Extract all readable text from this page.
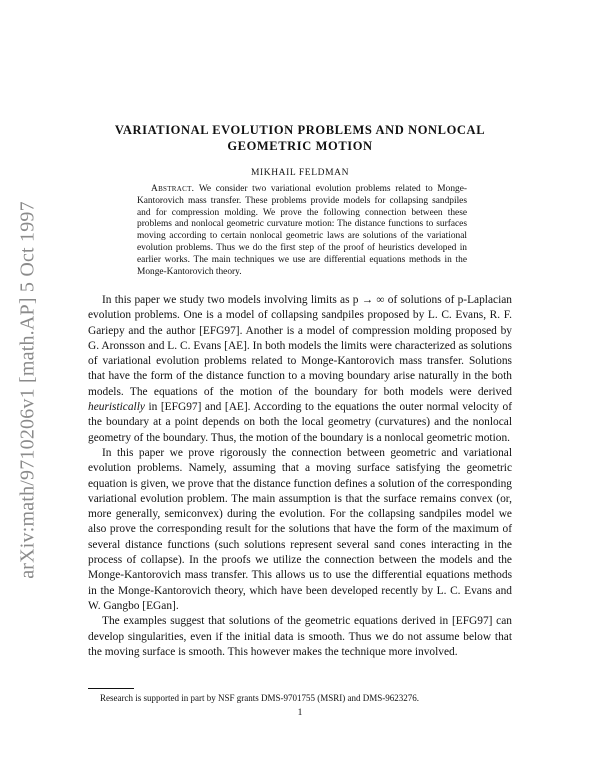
arXiv:math/9710206v1 [math.AP] 5 Oct 1997
VARIATIONAL EVOLUTION PROBLEMS AND NONLOCAL
GEOMETRIC MOTION
MIKHAIL FELDMAN
Abstract. We consider two variational evolution problems related to Monge-Kantorovich mass transfer. These problems provide models for collapsing sandpiles and for compression molding. We prove the following connection between these problems and nonlocal geometric curvature motion: The distance functions to surfaces moving according to certain nonlocal geometric laws are solutions of the variational evolution problems. Thus we do the first step of the proof of heuristics developed in earlier works. The main techniques we use are differential equations methods in the Monge-Kantorovich theory.

In this paper we study two models involving limits as p → ∞ of solutions of p-Laplacian evolution problems. One is a model of collapsing sandpiles proposed by L. C. Evans, R. F. Gariepy and the author [EFG97]. Another is a model of compression molding proposed by G. Aronsson and L. C. Evans [AE]. In both models the limits were characterized as solutions of variational evolution problems related to Monge-Kantorovich mass transfer. Solutions that have the form of the distance function to a moving boundary arise naturally in the both models. The equations of the motion of the boundary for both models were derived heuristically in [EFG97] and [AE]. According to the equations the outer normal velocity of the boundary at a point depends on both the local geometry (curvatures) and the nonlocal geometry of the boundary. Thus, the motion of the boundary is a nonlocal geometric motion.

In this paper we prove rigorously the connection between geometric and variational evolution problems. Namely, assuming that a moving surface satisfying the geometric equation is given, we prove that the distance function defines a solution of the corresponding variational evolution problem. The main assumption is that the surface remains convex (or, more generally, semiconvex) during the evolution. For the collapsing sandpiles model we also prove the corresponding result for the solutions that have the form of the maximum of several distance functions (such solutions represent several sand cones interacting in the process of collapse). In the proofs we utilize the connection between the models and the Monge-Kantorovich mass transfer. This allows us to use the differential equations methods in the Monge-Kantorovich theory, which have been developed recently by L. C. Evans and W. Gangbo [EGan].

The examples suggest that solutions of the geometric equations derived in [EFG97] can develop singularities, even if the initial data is smooth. Thus we do not assume below that the moving surface is smooth. This however makes the technique more involved.

Research is supported in part by NSF grants DMS-9701755 (MSRI) and DMS-9623276.
1
